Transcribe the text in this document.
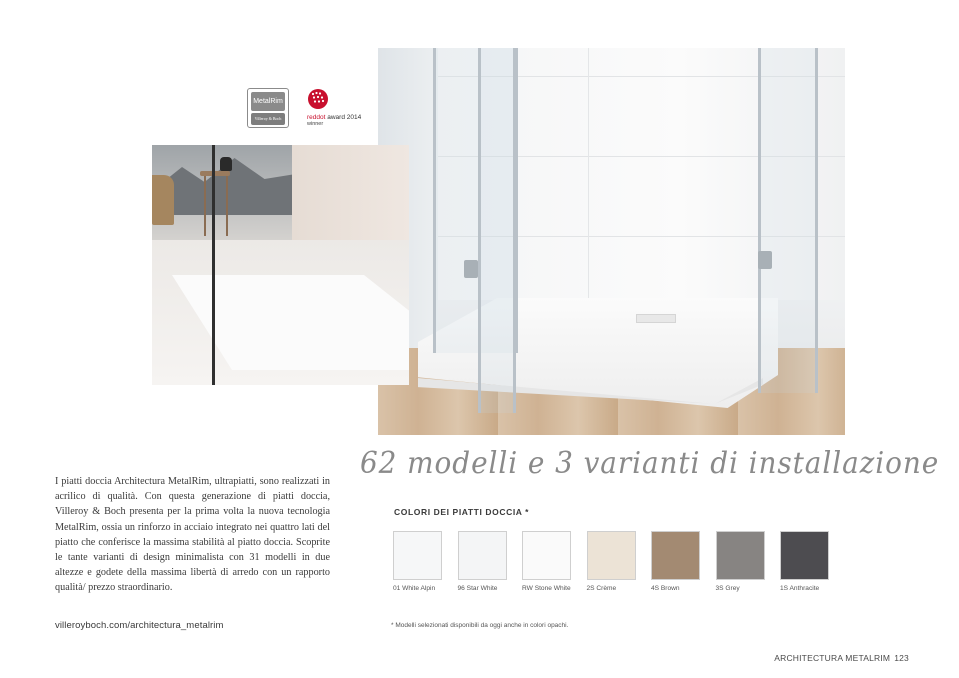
MetalRim
Villeroy & Boch	reddot award 2014
winner
62 modelli e 3 varianti di installazione

I piatti doccia Architectura MetalRim, ultrapiatti, sono realizzati in acrilico di qualità. Con questa generazione di piatti doccia, Villeroy & Boch presenta per la prima volta la nuova tecnologia MetalRim, ossia un rinforzo in acciaio integrato nei quattro lati del piatto che conferisce la massima stabilità al piatto doccia. Scoprite le tante varianti di design minimalista con 31 modelli in due altezze e godete della massima libertà di arredo con un rapporto qualità/ prezzo straordinario.

villeroyboch.com/architectura_metalrim
COLORI DEI PIATTI DOCCIA *
01 White Alpin	96 Star White	RW Stone White 2S Crème	4S Brown	3S Grey	1S Anthracite
* Modelli selezionati disponibili da oggi anche in colori opachi.
ARCHITECTURA METALRIM 123
